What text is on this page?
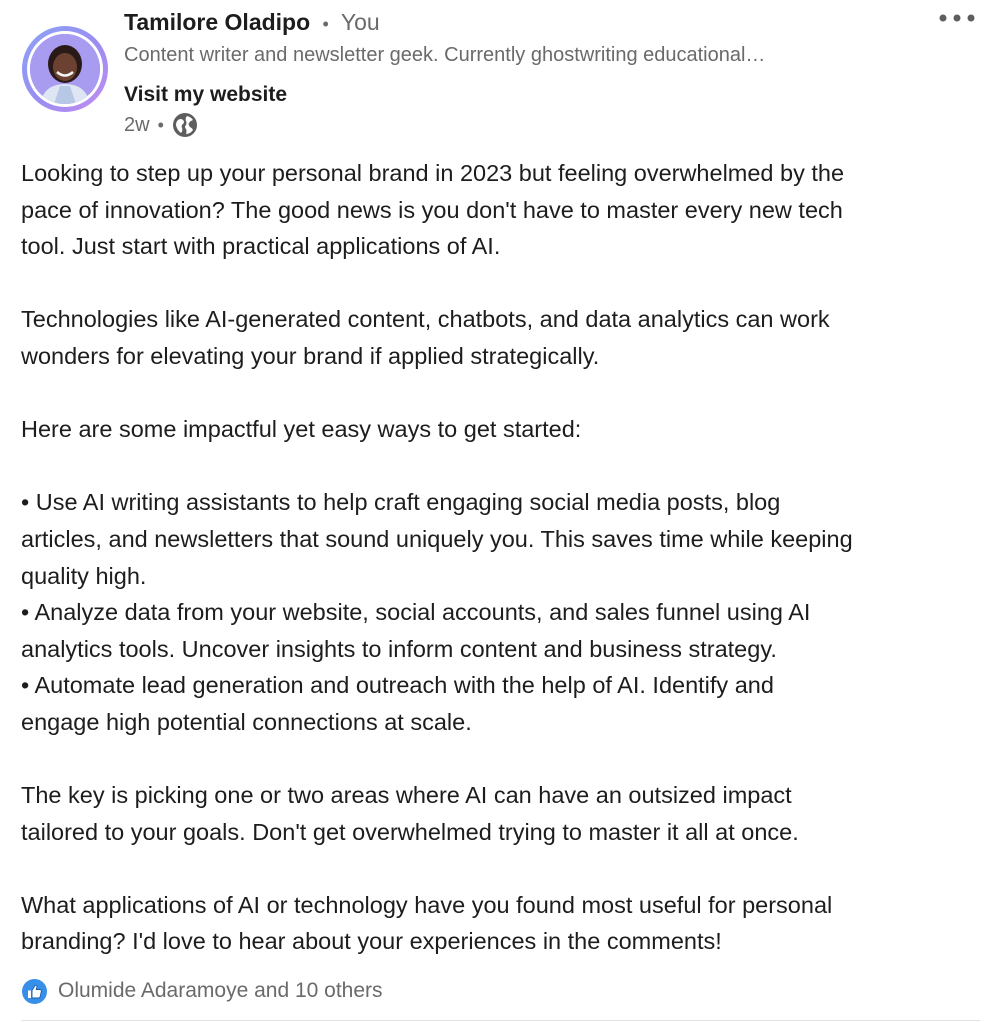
Tamilore Oladipo • You
Content writer and newsletter geek. Currently ghostwriting educational…
Visit my website
2w •
Looking to step up your personal brand in 2023 but feeling overwhelmed by the
pace of innovation? The good news is you don't have to master every new tech
tool. Just start with practical applications of AI.
Technologies like AI-generated content, chatbots, and data analytics can work
wonders for elevating your brand if applied strategically.
Here are some impactful yet easy ways to get started:
• Use AI writing assistants to help craft engaging social media posts, blog
articles, and newsletters that sound uniquely you. This saves time while keeping
quality high.
• Analyze data from your website, social accounts, and sales funnel using AI
analytics tools. Uncover insights to inform content and business strategy.
• Automate lead generation and outreach with the help of AI. Identify and
engage high potential connections at scale.
The key is picking one or two areas where AI can have an outsized impact
tailored to your goals. Don't get overwhelmed trying to master it all at once.
What applications of AI or technology have you found most useful for personal
branding? I'd love to hear about your experiences in the comments!
Olumide Adaramoye and 10 others
